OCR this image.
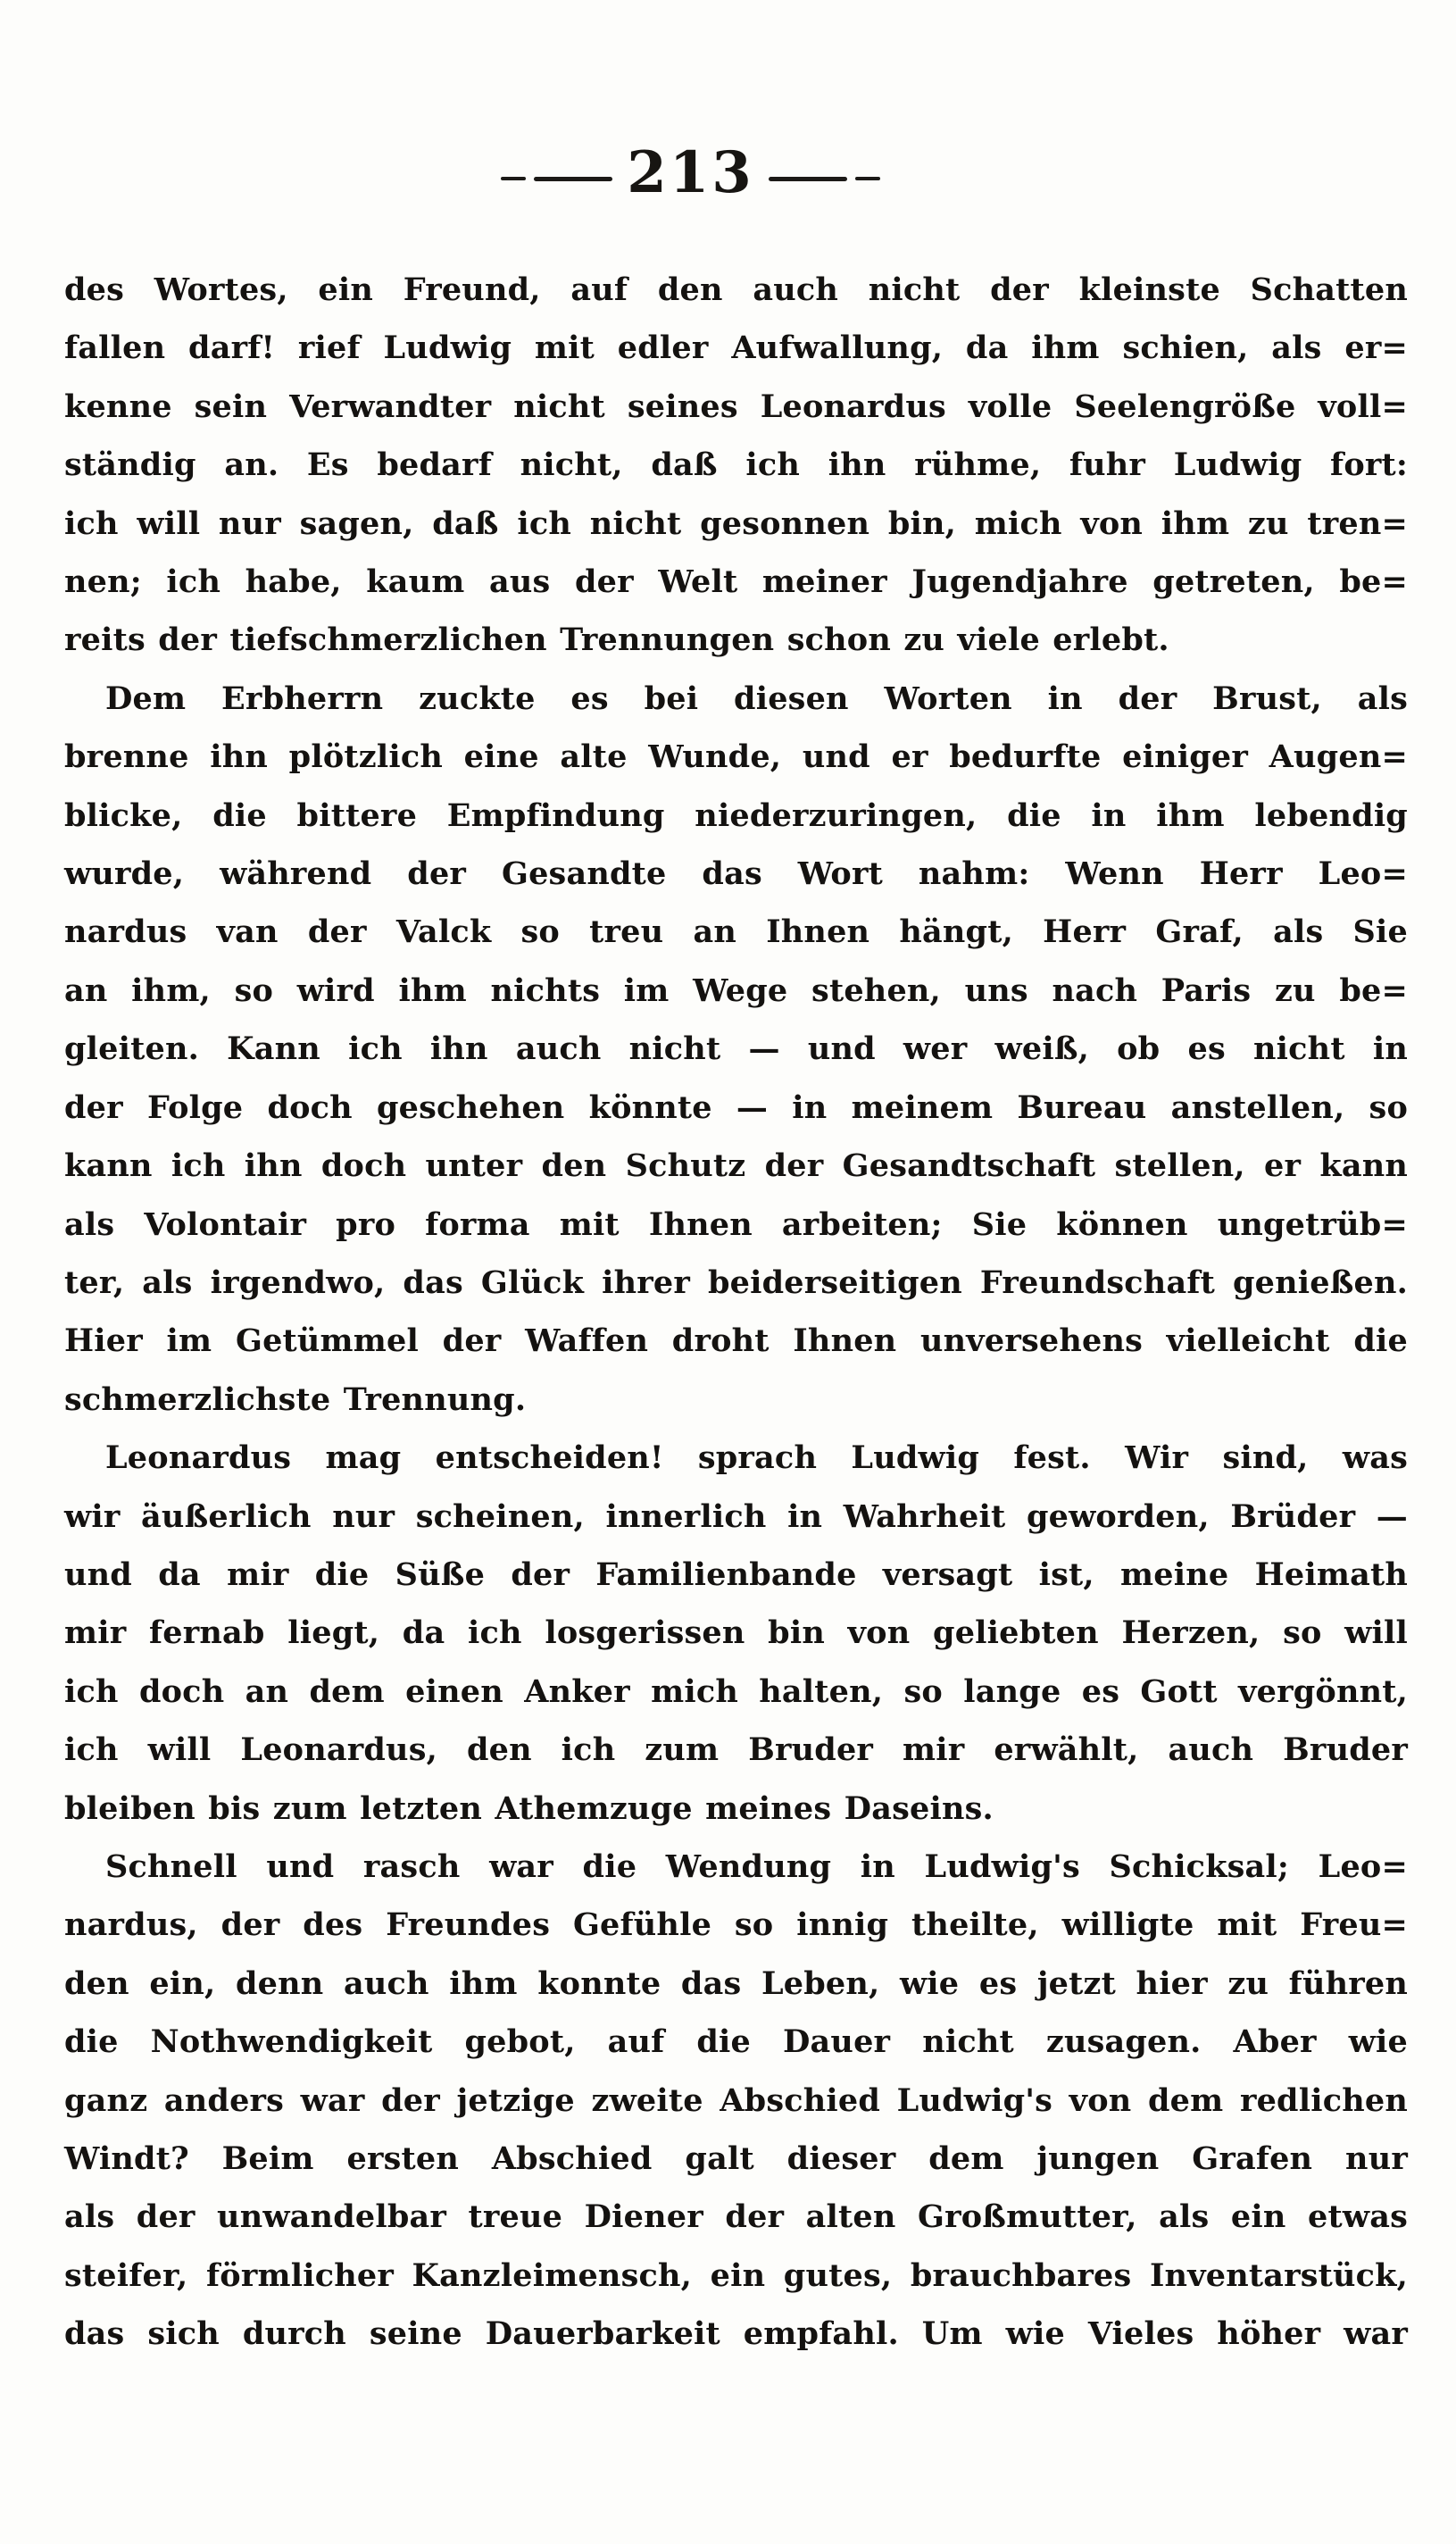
213
des Wortes, ein Freund, auf den auch nicht der kleinste Schatten
fallen darf! rief Ludwig mit edler Aufwallung, da ihm schien, als er=
kenne sein Verwandter nicht seines Leonardus volle Seelengröße voll=
ständig an. Es bedarf nicht, daß ich ihn rühme, fuhr Ludwig fort:
ich will nur sagen, daß ich nicht gesonnen bin, mich von ihm zu tren=
nen; ich habe, kaum aus der Welt meiner Jugendjahre getreten, be=
reits der tiefschmerzlichen Trennungen schon zu viele erlebt.
Dem Erbherrn zuckte es bei diesen Worten in der Brust, als
brenne ihn plötzlich eine alte Wunde, und er bedurfte einiger Augen=
blicke, die bittere Empfindung niederzuringen, die in ihm lebendig
wurde, während der Gesandte das Wort nahm: Wenn Herr Leo=
nardus van der Valck so treu an Ihnen hängt, Herr Graf, als Sie
an ihm, so wird ihm nichts im Wege stehen, uns nach Paris zu be=
gleiten. Kann ich ihn auch nicht — und wer weiß, ob es nicht in
der Folge doch geschehen könnte — in meinem Bureau anstellen, so
kann ich ihn doch unter den Schutz der Gesandtschaft stellen, er kann
als Volontair pro forma mit Ihnen arbeiten; Sie können ungetrüb=
ter, als irgendwo, das Glück ihrer beiderseitigen Freundschaft genießen.
Hier im Getümmel der Waffen droht Ihnen unversehens vielleicht die
schmerzlichste Trennung.
Leonardus mag entscheiden! sprach Ludwig fest. Wir sind, was
wir äußerlich nur scheinen, innerlich in Wahrheit geworden, Brüder —
und da mir die Süße der Familienbande versagt ist, meine Heimath
mir fernab liegt, da ich losgerissen bin von geliebten Herzen, so will
ich doch an dem einen Anker mich halten, so lange es Gott vergönnt,
ich will Leonardus, den ich zum Bruder mir erwählt, auch Bruder
bleiben bis zum letzten Athemzuge meines Daseins.
Schnell und rasch war die Wendung in Ludwig's Schicksal; Leo=
nardus, der des Freundes Gefühle so innig theilte, willigte mit Freu=
den ein, denn auch ihm konnte das Leben, wie es jetzt hier zu führen
die Nothwendigkeit gebot, auf die Dauer nicht zusagen. Aber wie
ganz anders war der jetzige zweite Abschied Ludwig's von dem redlichen
Windt? Beim ersten Abschied galt dieser dem jungen Grafen nur
als der unwandelbar treue Diener der alten Großmutter, als ein etwas
steifer, förmlicher Kanzleimensch, ein gutes, brauchbares Inventarstück,
das sich durch seine Dauerbarkeit empfahl. Um wie Vieles höher war
